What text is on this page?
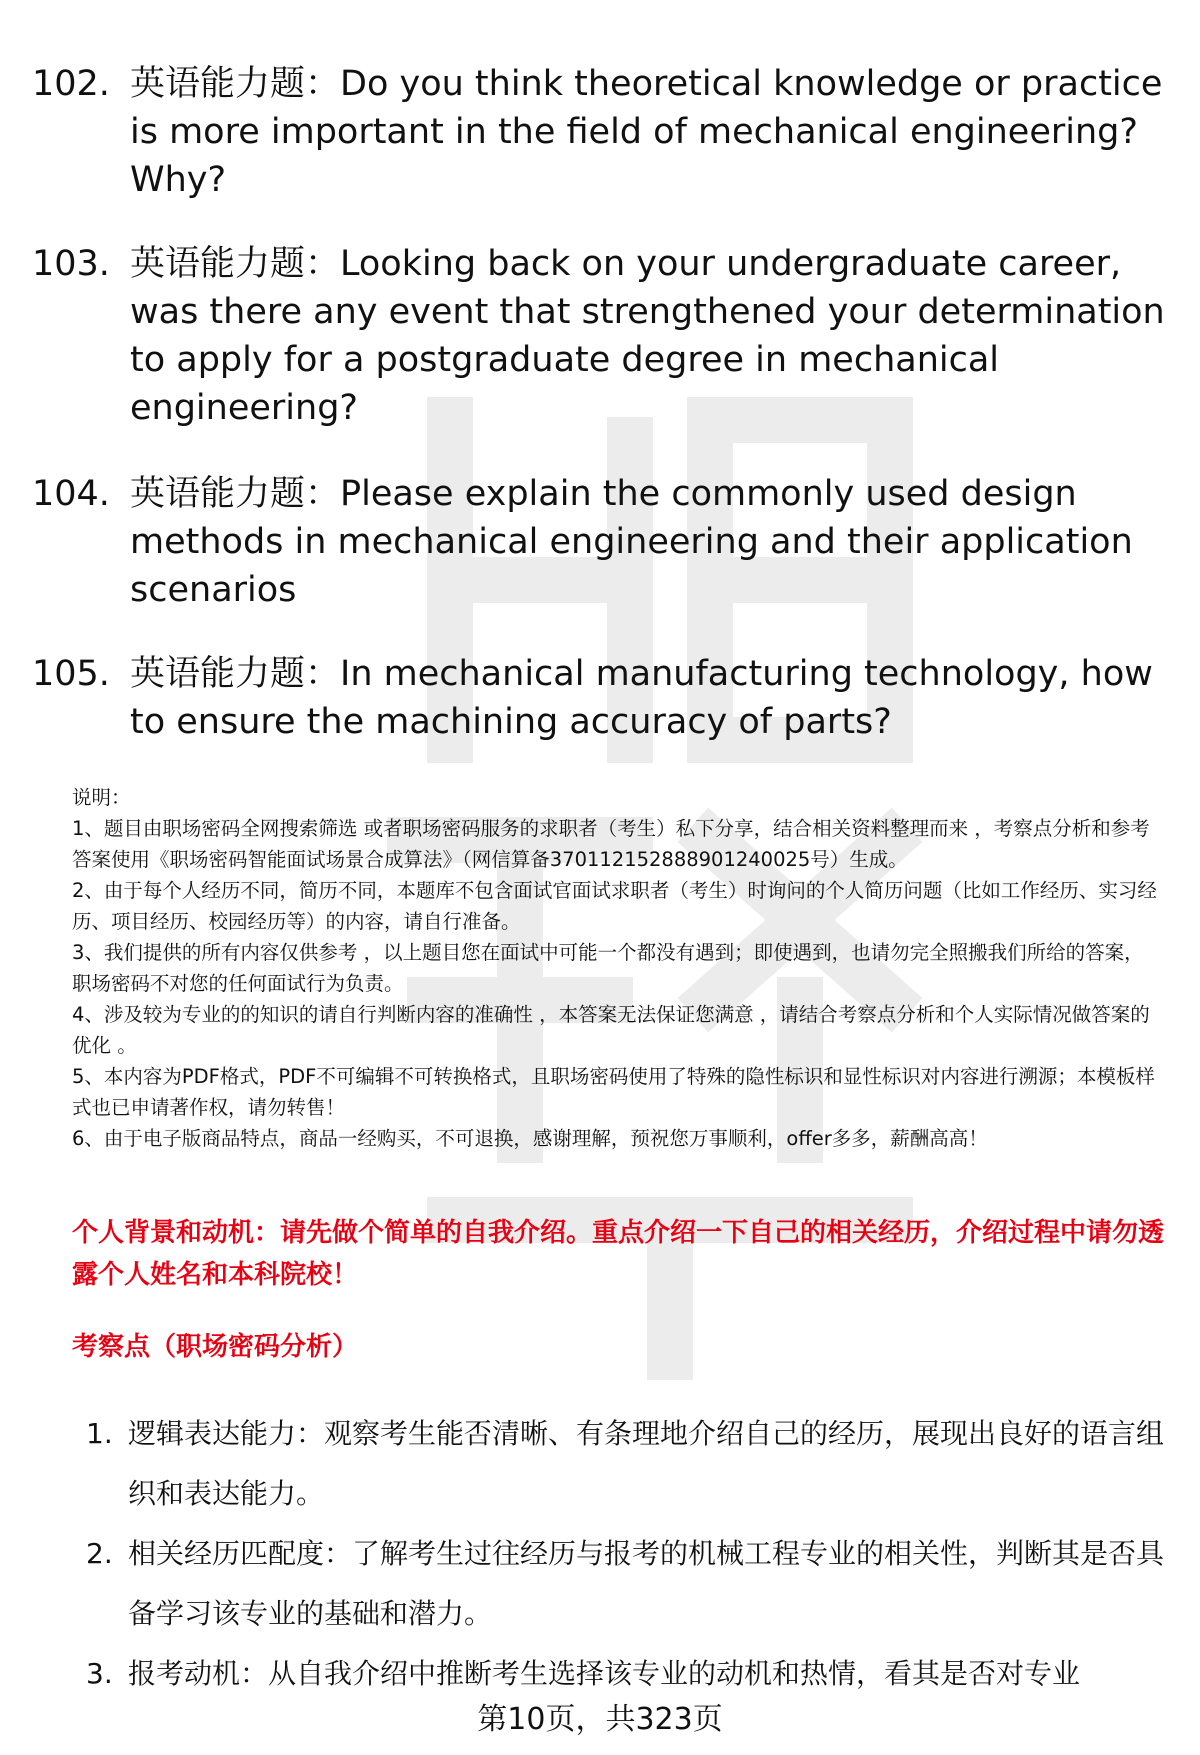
102. 英语能力题：Do you think theoretical knowledge or practice is more important in the field of mechanical engineering? Why?
103. 英语能力题：Looking back on your undergraduate career, was there any event that strengthened your determination to apply for a postgraduate degree in mechanical engineering?
104. 英语能力题：Please explain the commonly used design methods in mechanical engineering and their application scenarios
105. 英语能力题：In mechanical manufacturing technology, how to ensure the machining accuracy of parts?

说明：

1、题目由职场密码全网搜索筛选 或者职场密码服务的求职者（考生）私下分享，结合相关资料整理而来 ，考察点分析和参考答案使用《职场密码智能面试场景合成算法》（网信算备370112152888901240025号）生成。

2、由于每个人经历不同，简历不同，本题库不包含面试官面试求职者（考生）时询问的个人简历问题（比如工作经历、实习经历、项目经历、校园经历等）的内容，请自行准备。

3、我们提供的所有内容仅供参考 ，以上题目您在面试中可能一个都没有遇到；即使遇到，也请勿完全照搬我们所给的答案，职场密码不对您的任何面试行为负责。

4、涉及较为专业的的知识的请自行判断内容的准确性 ，本答案无法保证您满意 ，请结合考察点分析和个人实际情况做答案的优化 。

5、本内容为PDF格式，PDF不可编辑不可转换格式，且职场密码使用了特殊的隐性标识和显性标识对内容进行溯源；本模板样式也已申请著作权，请勿转售！

6、由于电子版商品特点，商品一经购买，不可退换，感谢理解，预祝您万事顺利，offer多多，薪酬高高！

个人背景和动机：请先做个简单的自我介绍。重点介绍一下自己的相关经历，介绍过程中请勿透露个人姓名和本科院校！
考察点（职场密码分析）
1. 逻辑表达能力：观察考生能否清晰、有条理地介绍自己的经历，展现出良好的语言组织和表达能力。
2. 相关经历匹配度：了解考生过往经历与报考的机械工程专业的相关性，判断其是否具备学习该专业的基础和潜力。
3. 报考动机：从自我介绍中推断考生选择该专业的动机和热情，看其是否对专业
第10页，共323页
